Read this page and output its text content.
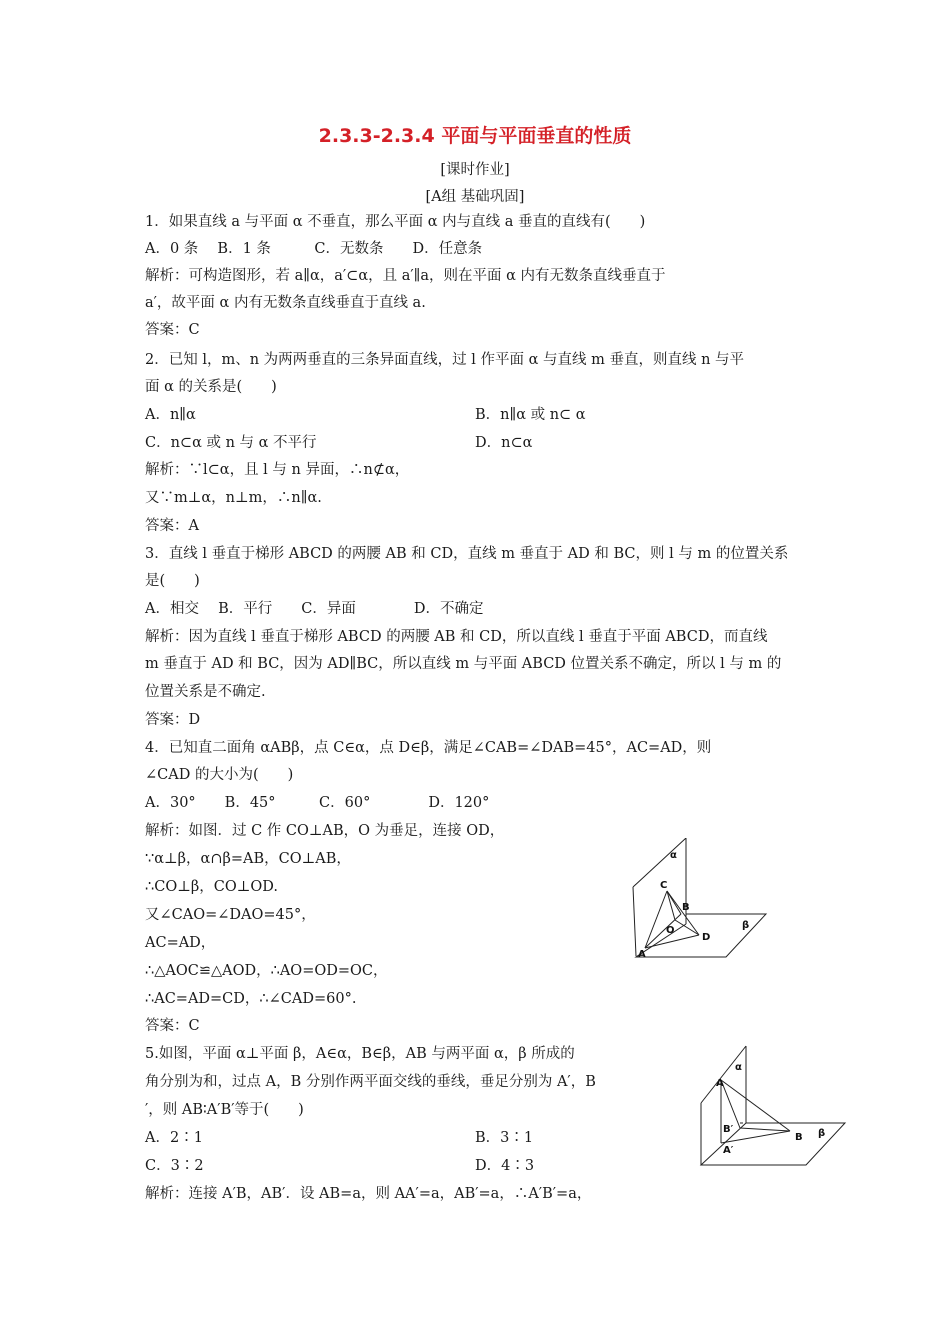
2.3.3-2.3.4 平面与平面垂直的性质
[课时作业]
[A组 基础巩固]
1．如果直线 a 与平面 α 不垂直，那么平面 α 内与直线 a 垂直的直线有(　　)
A．0 条　 B．1 条　　　C．无数条　　D．任意条
解析：可构造图形，若 a∥α，a′⊂α，且 a′∥a，则在平面 α 内有无数条直线垂直于
a′，故平面 α 内有无数条直线垂直于直线 a.
答案：C
2．已知 l，m、n 为两两垂直的三条异面直线，过 l 作平面 α 与直线 m 垂直，则直线 n 与平
面 α 的关系是(　　)
A．n∥α	B．n∥α 或 n⊂ α
C．n⊂α 或 n 与 α 不平行	D．n⊂α
解析：∵l⊂α，且 l 与 n 异面，∴n⊄α，
又∵m⊥α，n⊥m，∴n∥α.
答案：A
3．直线 l 垂直于梯形 ABCD 的两腰 AB 和 CD，直线 m 垂直于 AD 和 BC，则 l 与 m 的位置关系
是(　　)
A．相交　 B．平行　　C．异面　　　　D．不确定
解析：因为直线 l 垂直于梯形 ABCD 的两腰 AB 和 CD，所以直线 l 垂直于平面 ABCD，而直线
m 垂直于 AD 和 BC，因为 AD∥BC，所以直线 m 与平面 ABCD 位置关系不确定，所以 l 与 m 的
位置关系是不确定.
答案：D
4．已知直二面角 αABβ，点 C∈α，点 D∈β，满足∠CAB=∠DAB=45°，AC=AD，则
∠CAD 的大小为(　　)
A．30°　　B．45°　　　C．60°　　　　D．120°
解析：如图．过 C 作 CO⊥AB，O 为垂足，连接 OD，
∵α⊥β，α∩β=AB，CO⊥AB，
∴CO⊥β，CO⊥OD.
又∠CAO=∠DAO=45°，
AC=AD，
∴△AOC≌△AOD，∴AO=OD=OC，
∴AC=AD=CD，∴∠CAD=60°.
答案：C
5.如图，平面 α⊥平面 β，A∈α，B∈β，AB 与两平面 α，β 所成的
角分别为和，过点 A，B 分别作两平面交线的垂线，垂足分别为 A′，B
′，则 AB∶A′B′等于(　　)
A．2∶1	B．3∶1
C．3∶2	D．4∶3
解析：连接 A′B，AB′．设 AB=a，则 AA′=a，AB′=a，∴A′B′=a，
α
β
C
B
O
D
A
α
A
B′
A′
B β
